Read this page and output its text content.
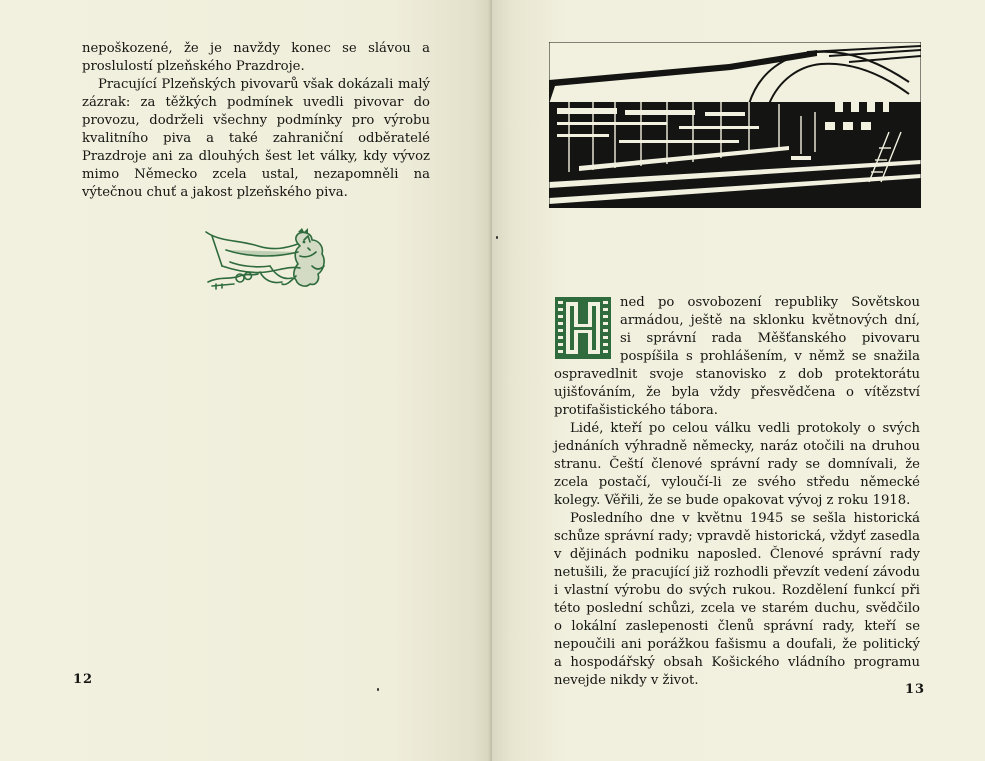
nepoškozené, že je navždy konec se slávou a proslulostí plzeňského Prazdroje.

Pracující Plzeňských pivovarů však dokázali malý zázrak: za těžkých podmínek uvedli pivovar do provozu, dodrželi všechny podmínky pro výrobu kvalitního piva a také zahraniční odběratelé Prazdroje ani za dlouhých šest let války, kdy vývoz mimo Německo zcela ustal, nezapomněli na výtečnou chuť a jakost plzeňského piva.

12

ned po osvobození republiky Sovětskou armádou, ještě na sklonku květnových dní, si správní rada Měšťanského pivovaru pospíšila s prohlášením, v němž se snažila ospravedlnit svoje stanovisko z dob protektorátu ujišťováním, že byla vždy přesvědčena o vítězství protifašistického tábora.

Lidé, kteří po celou válku vedli protokoly o svých jednáních výhradně německy, naráz otočili na druhou stranu. Čeští členové správní rady se domnívali, že zcela postačí, vyloučí-li ze svého středu německé kolegy. Věřili, že se bude opakovat vývoj z roku 1918.

Posledního dne v květnu 1945 se sešla historická schůze správní rady; vpravdě historická, vždyť zasedla v dějinách podniku naposled. Členové správní rady netušili, že pracující již rozhodli převzít vedení závodu i vlastní výrobu do svých rukou. Rozdělení funkcí při této poslední schůzi, zcela ve starém duchu, svědčilo o lokální zaslepenosti členů správní rady, kteří se nepoučili ani porážkou fašismu a doufali, že politický a hospodářský obsah Košického vládního programu nevejde nikdy v život.

13
